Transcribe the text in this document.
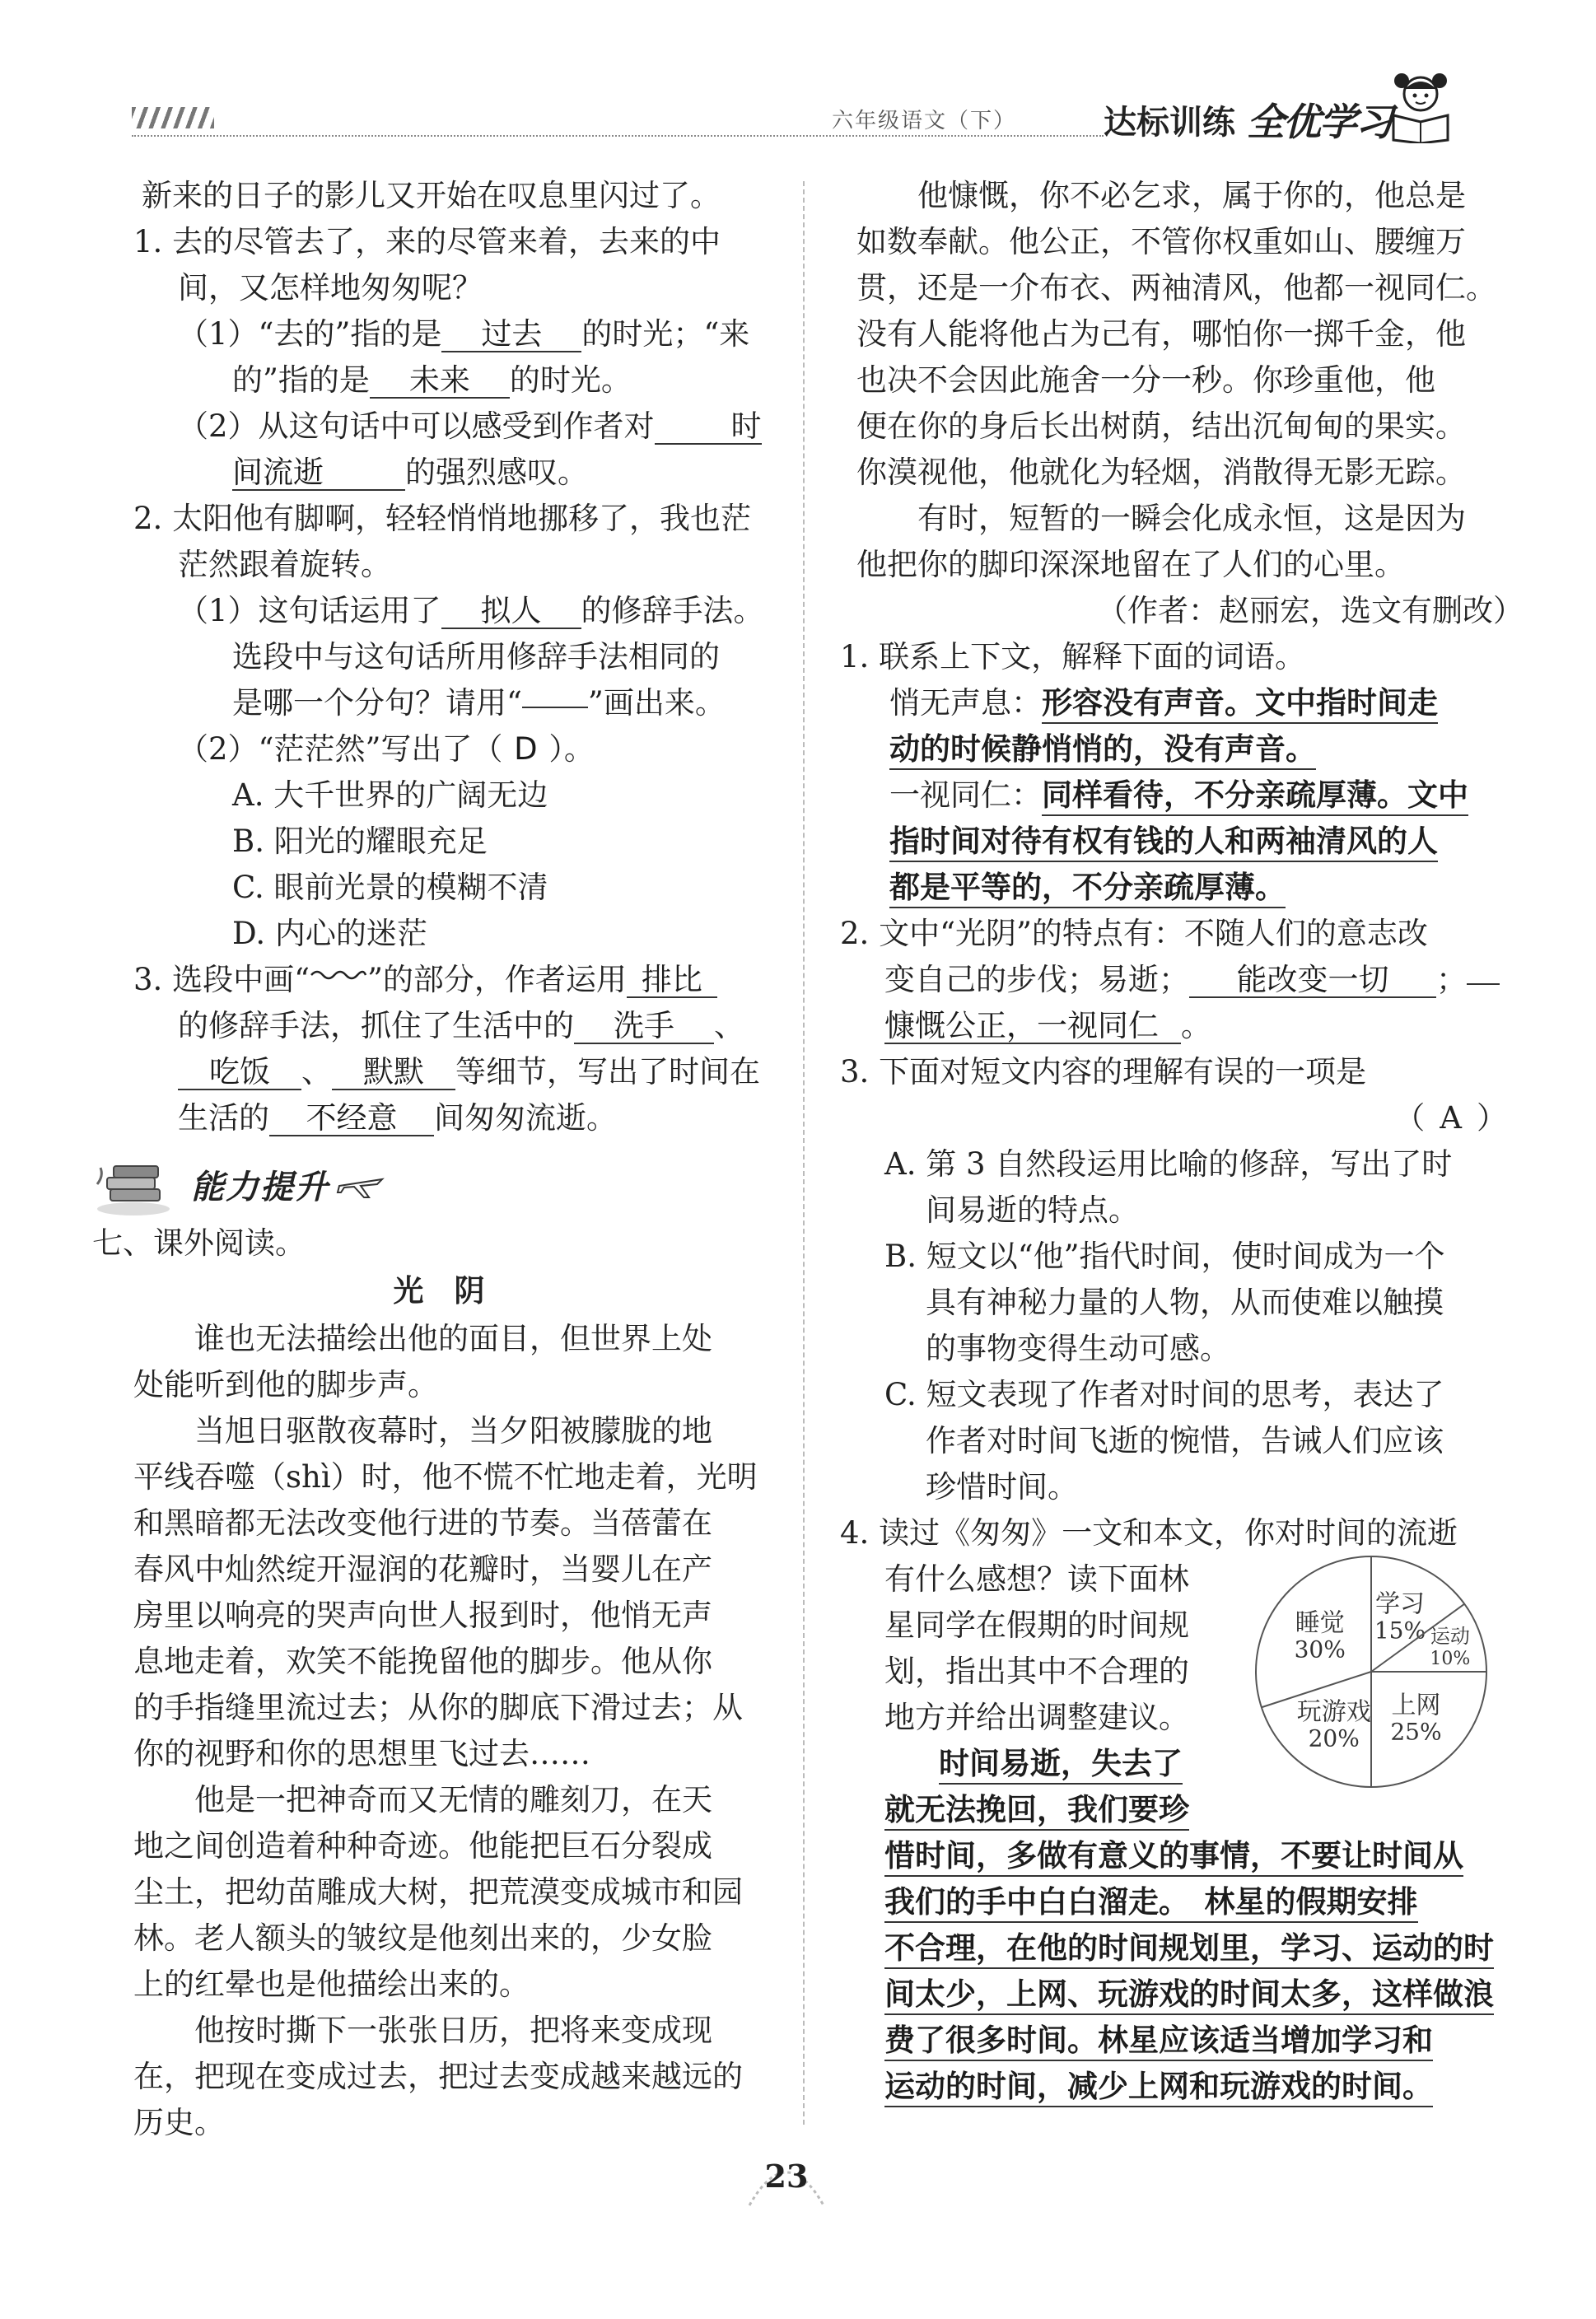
六年级语文（下）	达标训练 全优学习
新来的日子的影儿又开始在叹息里闪过了。
1. 去的尽管去了，来的尽管来着，去来的中
间，又怎样地匆匆呢？
（1）“去的”指的是 过去 的时光；“来
的”指的是 未来 的时光。
（2）从这句话中可以感受到作者对	时
间流逝	的强烈感叹。
2. 太阳他有脚啊，轻轻悄悄地挪移了，我也茫
茫然跟着旋转。
（1）这句话运用了 拟人 的修辞手法。
选段中与这句话所用修辞手法相同的
是哪一个分句？请用“ ”画出来。
（2）“茫茫然”写出了（ D ）。
A. 大千世界的广阔无边
B. 阳光的耀眼充足
C. 眼前光景的模糊不清
D. 内心的迷茫
3. 选段中画“ ”的部分，作者运用 排比
的修辞手法，抓住了生活中的 洗手 、
吃饭 、 默默 等细节，写出了时间在
生活的 不经意 间匆匆流逝。
能力提升
七、课外阅读。
光　阴
　　谁也无法描绘出他的面目，但世界上处
处能听到他的脚步声。
　　当旭日驱散夜幕时，当夕阳被朦胧的地
平线吞噬（shì）时，他不慌不忙地走着，光明
和黑暗都无法改变他行进的节奏。当蓓蕾在
春风中灿然绽开湿润的花瓣时，当婴儿在产
房里以响亮的哭声向世人报到时，他悄无声
息地走着，欢笑不能挽留他的脚步。他从你
的手指缝里流过去；从你的脚底下滑过去；从
你的视野和你的思想里飞过去……
　　他是一把神奇而又无情的雕刻刀，在天
地之间创造着种种奇迹。他能把巨石分裂成
尘土，把幼苗雕成大树，把荒漠变成城市和园
林。老人额头的皱纹是他刻出来的，少女脸
上的红晕也是他描绘出来的。
　　他按时撕下一张张日历，把将来变成现
在，把现在变成过去，把过去变成越来越远的
历史。
　　他慷慨，你不必乞求，属于你的，他总是
如数奉献。他公正，不管你权重如山、腰缠万
贯，还是一介布衣、两袖清风，他都一视同仁。
没有人能将他占为己有，哪怕你一掷千金，他
也决不会因此施舍一分一秒。你珍重他，他
便在你的身后长出树荫，结出沉甸甸的果实。
你漠视他，他就化为轻烟，消散得无影无踪。
　　有时，短暂的一瞬会化成永恒，这是因为
他把你的脚印深深地留在了人们的心里。
（作者：赵丽宏，选文有删改）
1. 联系上下文，解释下面的词语。
悄无声息：形容没有声音。文中指时间走
动的时候静悄悄的，没有声音。
一视同仁：同样看待，不分亲疏厚薄。文中
指时间对待有权有钱的人和两袖清风的人
都是平等的，不分亲疏厚薄。
2. 文中“光阴”的特点有：不随人们的意志改
变自己的步伐；易逝； 能改变一切 ；
慷慨公正，一视同仁 。
3. 下面对短文内容的理解有误的一项是
（ A ）
A. 第 3 自然段运用比喻的修辞，写出了时
间易逝的特点。
B. 短文以“他”指代时间，使时间成为一个
具有神秘力量的人物，从而使难以触摸
的事物变得生动可感。
C. 短文表现了作者对时间的思考，表达了
作者对时间飞逝的惋惜，告诫人们应该
珍惜时间。
4. 读过《匆匆》一文和本文，你对时间的流逝
有什么感想？读下面林
星同学在假期的时间规
划，指出其中不合理的
地方并给出调整建议。
学习
15% 运动
10%
上网
25%
玩游戏
20%
睡觉
30%
时间易逝，失去了
就无法挽回，我们要珍
惜时间，多做有意义的事情，不要让时间从
我们的手中白白溜走。　林星的假期安排
不合理，在他的时间规划里，学习、运动的时
间太少，上网、玩游戏的时间太多，这样做浪
费了很多时间。林星应该适当增加学习和
运动的时间，减少上网和玩游戏的时间。
23
